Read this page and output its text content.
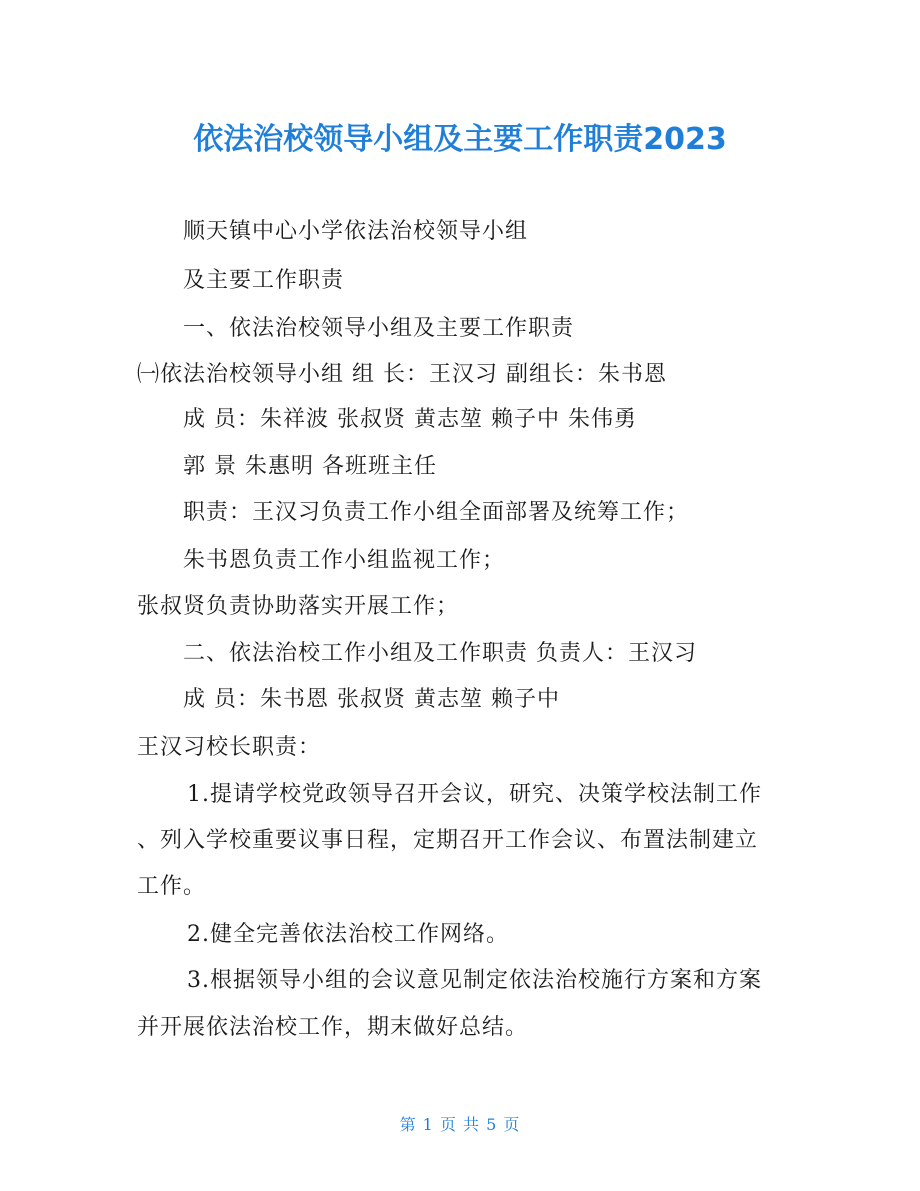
依法治校领导小组及主要工作职责2023

顺天镇中心小学依法治校领导小组

及主要工作职责

一、依法治校领导小组及主要工作职责

㈠依法治校领导小组 组 长：王汉习 副组长：朱书恩

成 员：朱祥波 张叔贤 黄志堃 赖子中 朱伟勇

郭 景 朱惠明 各班班主任

职责：王汉习负责工作小组全面部署及统筹工作；

朱书恩负责工作小组监视工作；

张叔贤负责协助落实开展工作；

二、依法治校工作小组及工作职责 负责人：王汉习

成 员：朱书恩 张叔贤 黄志堃 赖子中

王汉习校长职责：

1.提请学校党政领导召开会议，研究、决策学校法制工作

、列入学校重要议事日程，定期召开工作会议、布置法制建立

工作。

2.健全完善依法治校工作网络。

3.根据领导小组的会议意见制定依法治校施行方案和方案

并开展依法治校工作，期末做好总结。

第 1 页 共 5 页
